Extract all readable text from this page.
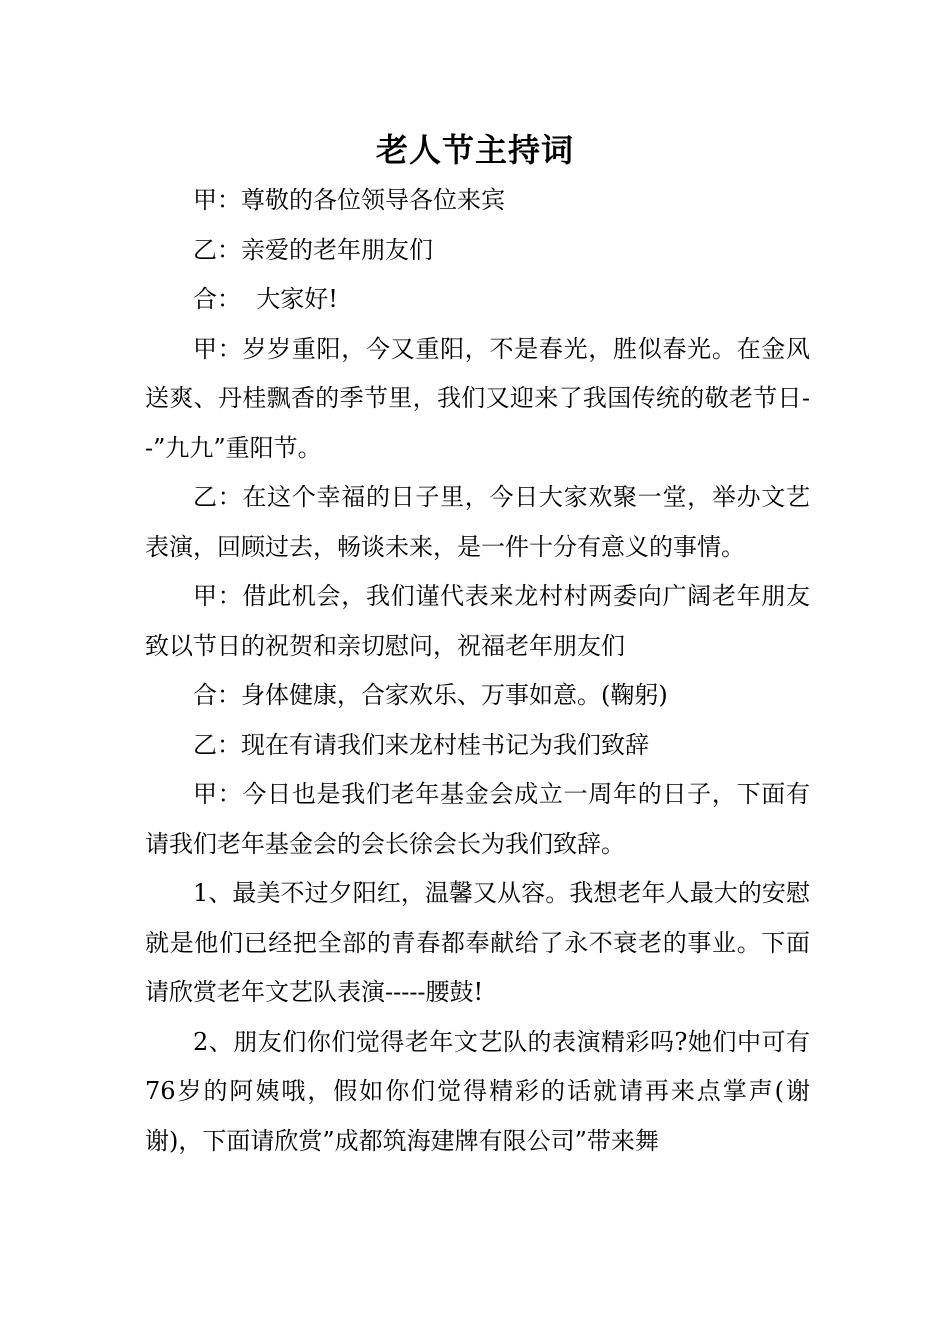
老人节主持词

甲：尊敬的各位领导各位来宾

乙：亲爱的老年朋友们

合：  大家好!

甲：岁岁重阳，今又重阳，不是春光，胜似春光。在金风送爽、丹桂飘香的季节里，我们又迎来了我国传统的敬老节日--”九九”重阳节。

乙：在这个幸福的日子里，今日大家欢聚一堂，举办文艺表演，回顾过去，畅谈未来，是一件十分有意义的事情。

甲：借此机会，我们谨代表来龙村村两委向广阔老年朋友致以节日的祝贺和亲切慰问，祝福老年朋友们

合：身体健康，合家欢乐、万事如意。(鞠躬)

乙：现在有请我们来龙村桂书记为我们致辞

甲：今日也是我们老年基金会成立一周年的日子，下面有请我们老年基金会的会长徐会长为我们致辞。

1、最美不过夕阳红，温馨又从容。我想老年人最大的安慰就是他们已经把全部的青春都奉献给了永不衰老的事业。下面请欣赏老年文艺队表演-----腰鼓!

2、朋友们你们觉得老年文艺队的表演精彩吗?她们中可有76岁的阿姨哦，假如你们觉得精彩的话就请再来点掌声(谢谢)，下面请欣赏”成都筑海建牌有限公司”带来舞
